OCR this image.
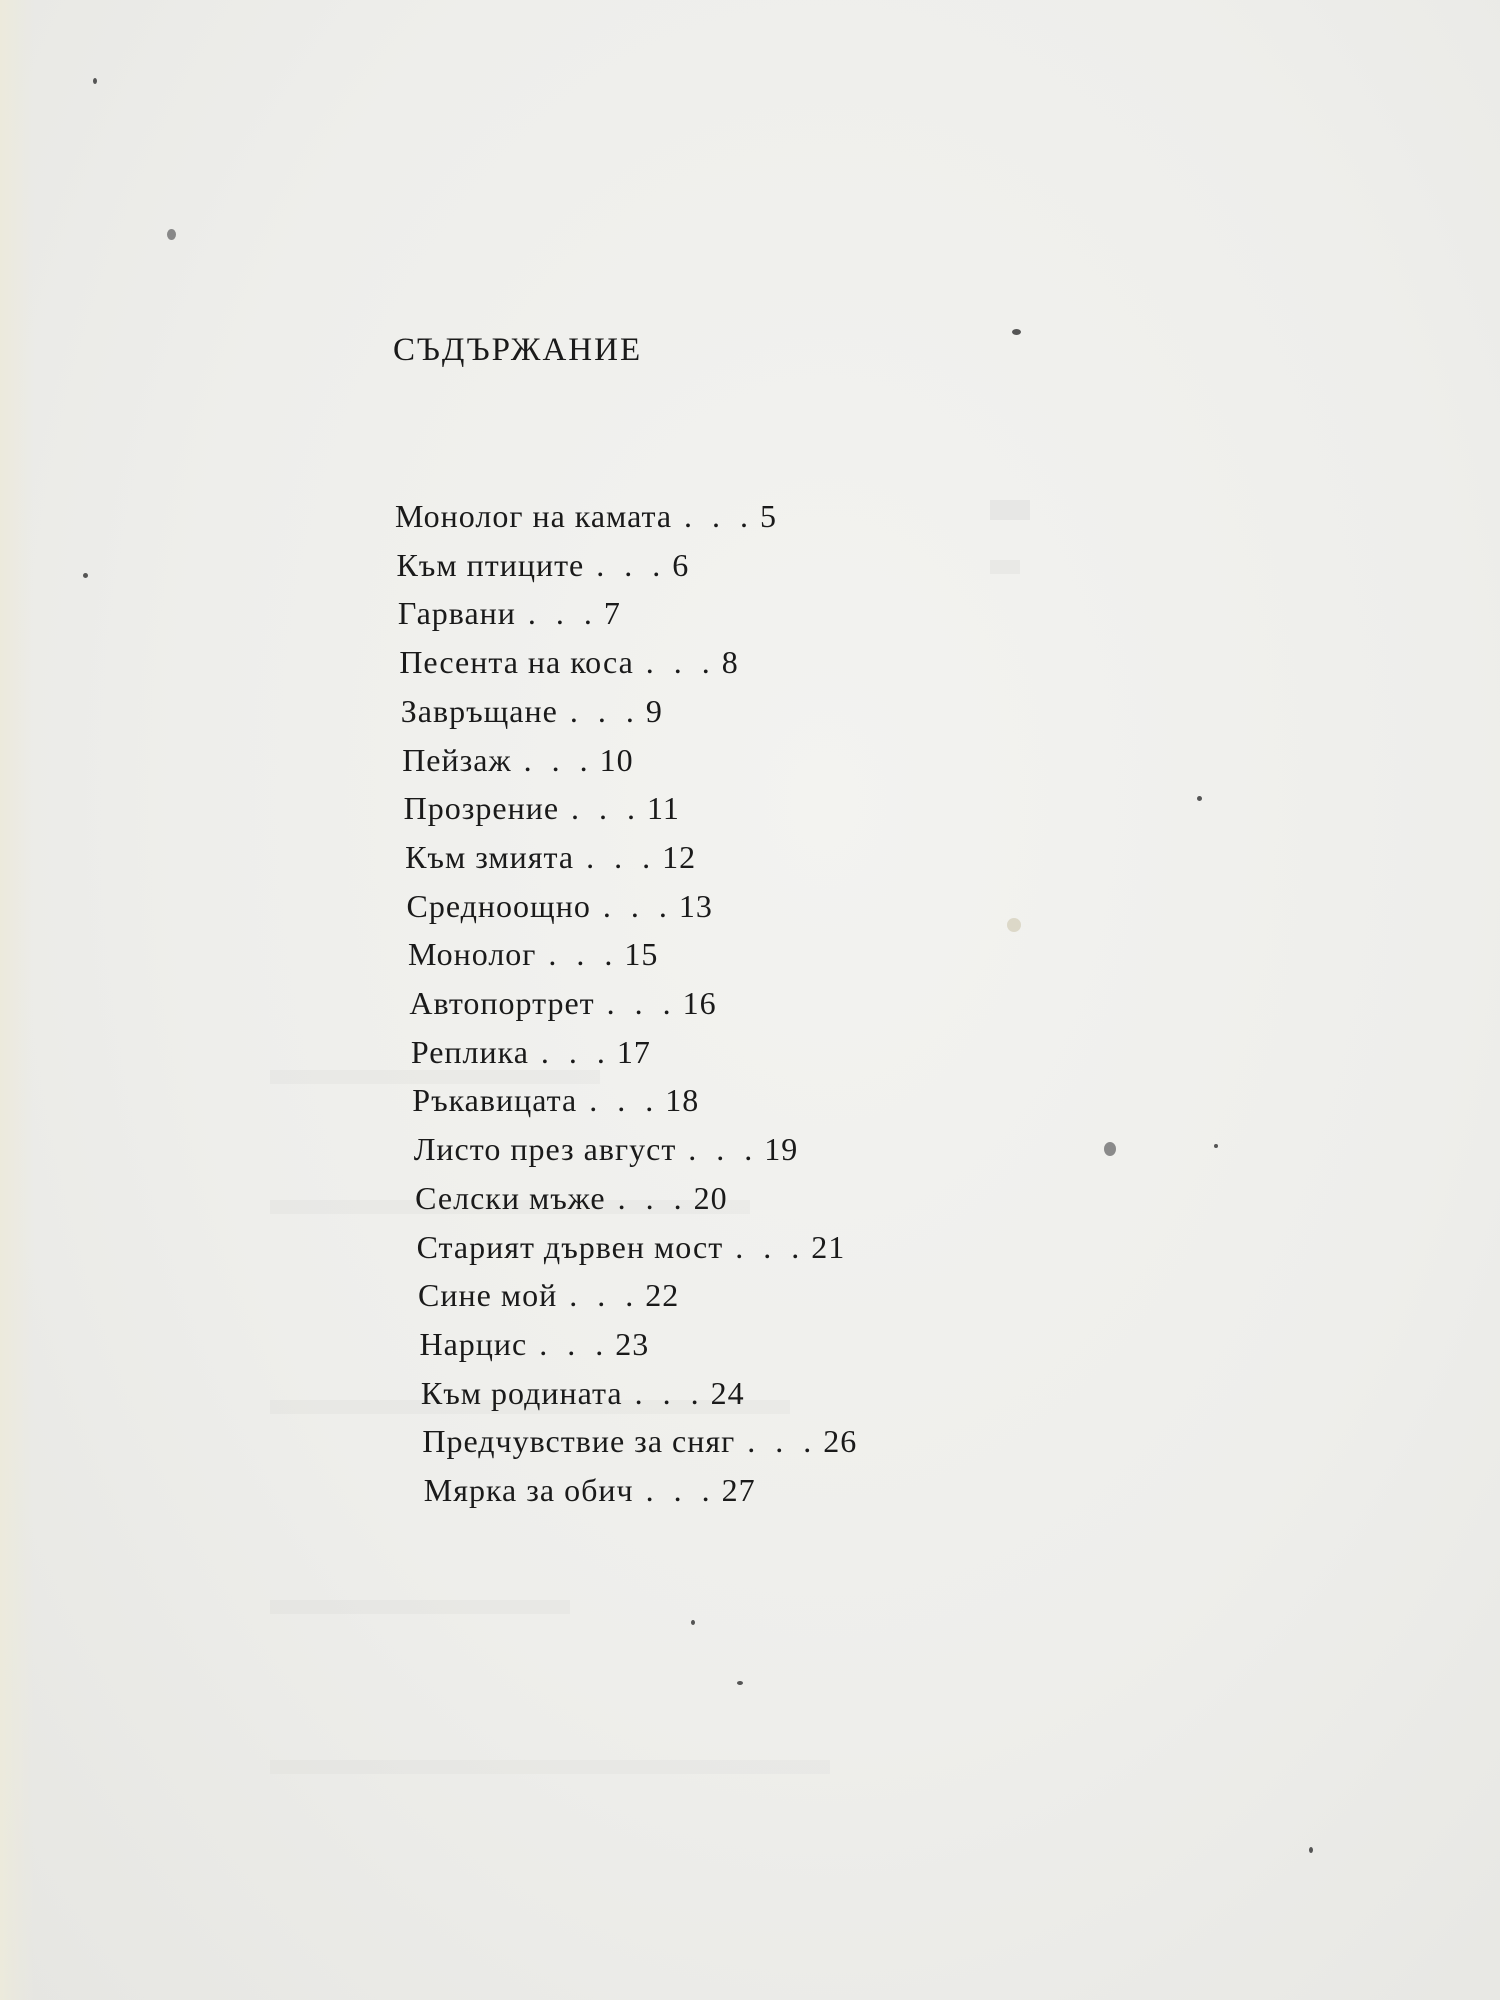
СЪДЪРЖАНИЕ
Монолог на камата . . . 5
Към птиците . . . 6
Гарвани . . . 7
Песента на коса . . . 8
Завръщане . . . 9
Пейзаж . . . 10
Прозрение . . . 11
Към змията . . . 12
Средноощно . . . 13
Монолог . . . 15
Автопортрет . . . 16
Реплика . . . 17
Ръкавицата . . . 18
Листо през август . . . 19
Селски мъже . . . 20
Старият дървен мост . . . 21
Сине мой . . . 22
Нарцис . . . 23
Към родината . . . 24
Предчувствие за сняг . . . 26
Мярка за обич . . . 27
